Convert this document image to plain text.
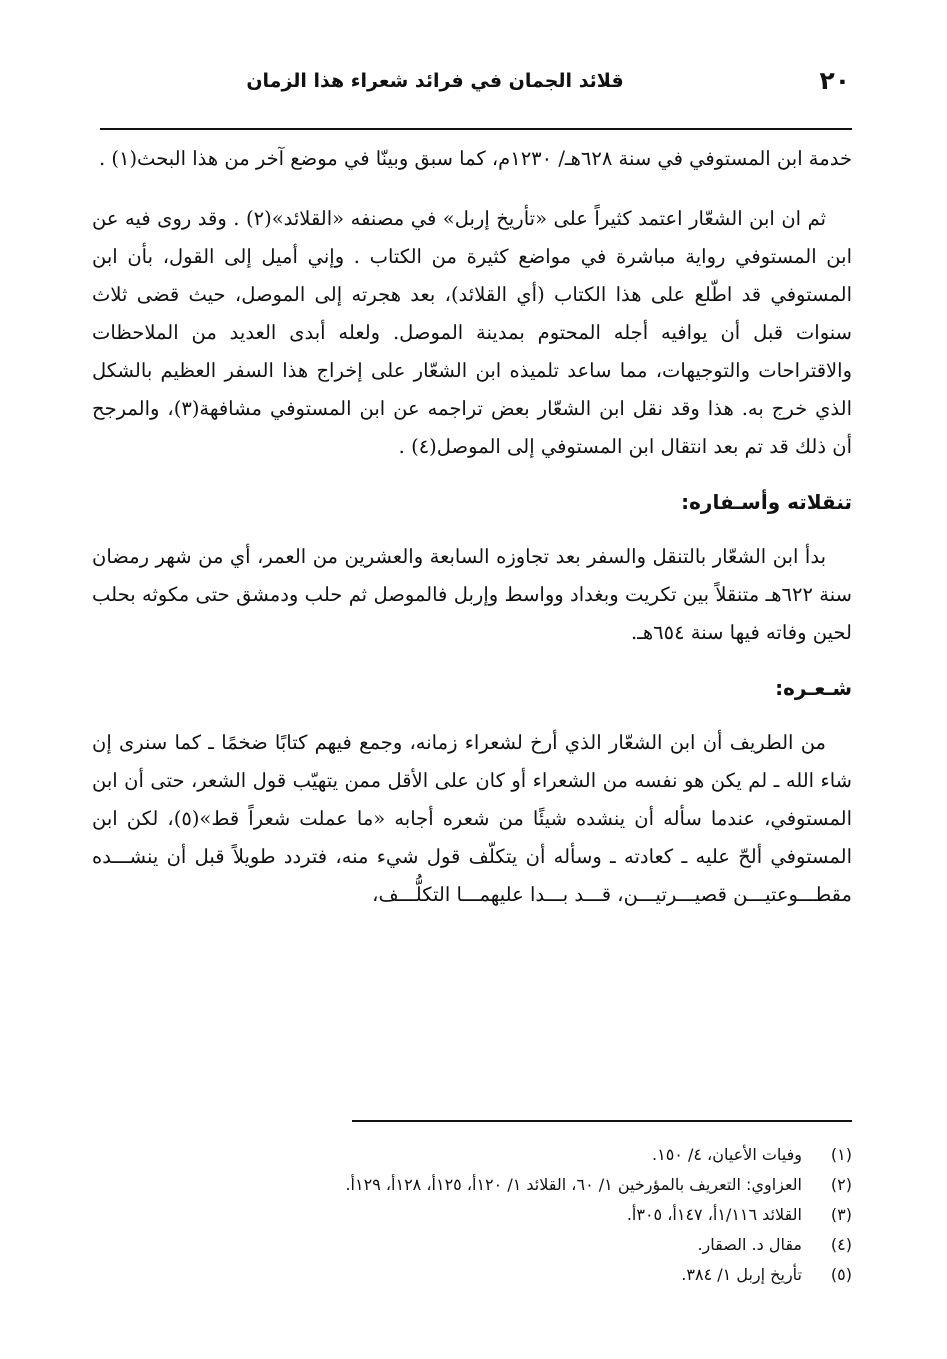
٢٠
قلائد الجمان في فرائد شعراء هذا الزمان

خدمة ابن المستوفي في سنة ٦٢٨هـ/ ١٢٣٠م، كما سبق وبينّا في موضع آخر من هذا البحث(١) .

ثم ان ابن الشعّار اعتمد كثيراً على «تأريخ إربل» في مصنفه «القلائد»(٢) . وقد روى فيه عن ابن المستوفي رواية مباشرة في مواضع كثيرة من الكتاب . وإني أميل إلى القول، بأن ابن المستوفي قد اطّلع على هذا الكتاب (أي القلائد)، بعد هجرته إلى الموصل، حيث قضى ثلاث سنوات قبل أن يوافيه أجله المحتوم بمدينة الموصل. ولعله أبدى العديد من الملاحظات والاقتراحات والتوجيهات، مما ساعد تلميذه ابن الشعّار على إخراج هذا السفر العظيم بالشكل الذي خرج به. هذا وقد نقل ابن الشعّار بعض تراجمه عن ابن المستوفي مشافهة(٣)، والمرجح أن ذلك قد تم بعد انتقال ابن المستوفي إلى الموصل(٤) .

تنقلاته وأسـفاره:

بدأ ابن الشعّار بالتنقل والسفر بعد تجاوزه السابعة والعشرين من العمر، أي من شهر رمضان سنة ٦٢٢هـ متنقلاً بين تكريت وبغداد وواسط وإربل فالموصل ثم حلب ودمشق حتى مكوثه بحلب لحين وفاته فيها سنة ٦٥٤هـ.

شـعـره:

من الطريف أن ابن الشعّار الذي أرخ لشعراء زمانه، وجمع فيهم كتابًا ضخمًا ـ كما سنرى إن شاء الله ـ لم يكن هو نفسه من الشعراء أو كان على الأقل ممن يتهيّب قول الشعر، حتى أن ابن المستوفي، عندما سأله أن ينشده شيئًا من شعره أجابه «ما عملت شعراً قط»(٥)، لكن ابن المستوفي ألحّ عليه ـ كعادته ـ وسأله أن يتكلّف قول شيء منه، فتردد طويلاً قبل أن ينشـــده مقطـــوعتيـــن قصيـــرتيـــن، قـــد بـــدا عليهمـــا التكلُّـــف،

(١)
وفيات الأعيان، ٤/ ١٥٠.
(٢)
العزاوي: التعريف بالمؤرخين ١/ ٦٠، القلائد ١/ ١٢٠أ، ١٢٥أ، ١٢٨أ، ١٢٩أ.
(٣)
القلائد ١/١١٦أ، ١٤٧أ، ٣٠٥أ.
(٤)
مقال د. الصقار.
(٥)
تأريخ إربل ١/ ٣٨٤.
